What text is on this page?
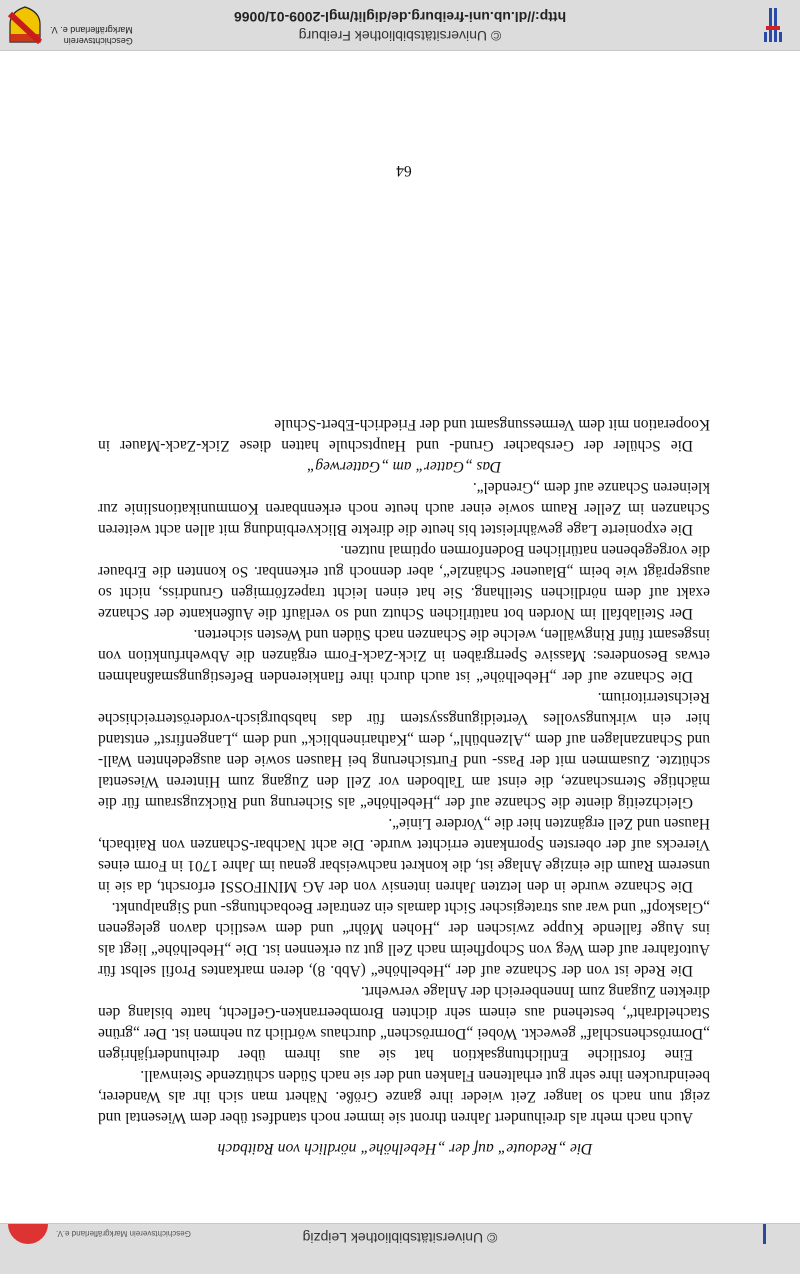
© Universitätsbibliothek Leipzig
Geschichtsverein Markgräflerland e.V.
Die „Redoute“ auf der „Hebelhöhe“ nördlich von Raitbach

Auch nach mehr als dreihundert Jahren thront sie immer noch standfest über dem Wiesental und zeigt nun nach so langer Zeit wieder ihre ganze Größe. Nähert man sich ihr als Wanderer, beeindrucken ihre sehr gut erhaltenen Flanken und der sie nach Süden schützende Steinwall.

Eine forstliche Entlichtungsaktion hat sie aus ihrem über dreihundertjährigen „Dornröschenschlaf“ geweckt. Wobei „Dornröschen“ durchaus wörtlich zu nehmen ist. Der „grüne Stacheldraht“, bestehend aus einem sehr dichten Brombeerranken-Geflecht, hatte bislang den direkten Zugang zum Innenbereich der Anlage verwehrt.

Die Rede ist von der Schanze auf der „Hebelhöhe“ (Abb. 8), deren markantes Profil selbst für Autofahrer auf dem Weg von Schopfheim nach Zell gut zu erkennen ist. Die „Hebelhöhe“ liegt als ins Auge fallende Kuppe zwischen der „Hohen Möhr“ und dem westlich davon gelegenen „Glaskopf“ und war aus strategischer Sicht damals ein zentraler Beobachtungs- und Signalpunkt.

Die Schanze wurde in den letzten Jahren intensiv von der AG MINIFOSSI erforscht, da sie in unserem Raum die einzige Anlage ist, die konkret nachweisbar genau im Jahre 1701 in Form eines Vierecks auf der obersten Spornkante errichtet wurde. Die acht Nachbar-Schanzen von Raitbach, Hausen und Zell ergänzten hier die „Vordere Linie“.

Gleichzeitig diente die Schanze auf der „Hebelhöhe“ als Sicherung und Rückzugsraum für die mächtige Sternschanze, die einst am Talboden vor Zell den Zugang zum Hinteren Wiesental schützte. Zusammen mit der Pass- und Furtsicherung bei Hausen sowie den ausgedehnten Wall- und Schanzanlagen auf dem „Alzenbühl“, dem „Katharinenblick“ und dem „Langenfirst“ entstand hier ein wirkungsvolles Verteidigungssystem für das habsburgisch-vorderösterreichische Reichsterritorium.

Die Schanze auf der „Hebelhöhe“ ist auch durch ihre flankierenden Befestigungsmaßnahmen etwas Besonderes: Massive Sperrgräben in Zick-Zack-Form ergänzen die Abwehrfunktion von insgesamt fünf Ringwällen, welche die Schanzen nach Süden und Westen sicherten.

Der Steilabfall im Norden bot natürlichen Schutz und so verläuft die Außenkante der Schanze exakt auf dem nördlichen Steilhang. Sie hat einen leicht trapezförmigen Grundriss, nicht so ausgeprägt wie beim „Blauener Schänzle“, aber dennoch gut erkennbar. So konnten die Erbauer die vorgegebenen natürlichen Bodenformen optimal nutzen.

Die exponierte Lage gewährleistet bis heute die direkte Blickverbindung mit allen acht weiteren Schanzen im Zeller Raum sowie einer auch heute noch erkennbaren Kommunikationslinie zur kleineren Schanze auf dem „Grendel“.

Das „Gatter“ am „Gatterweg“

Die Schüler der Gersbacher Grund- und Hauptschule hatten diese Zick-Zack-Mauer in Kooperation mit dem Vermessungsamt und der Friedrich-Ebert-Schule

64
© Universitätsbibliothek Freiburg
http://dl.ub.uni-freiburg.de/diglit/mgl-2009-01/0066
Geschichtsverein
Markgräflerland e. V.
